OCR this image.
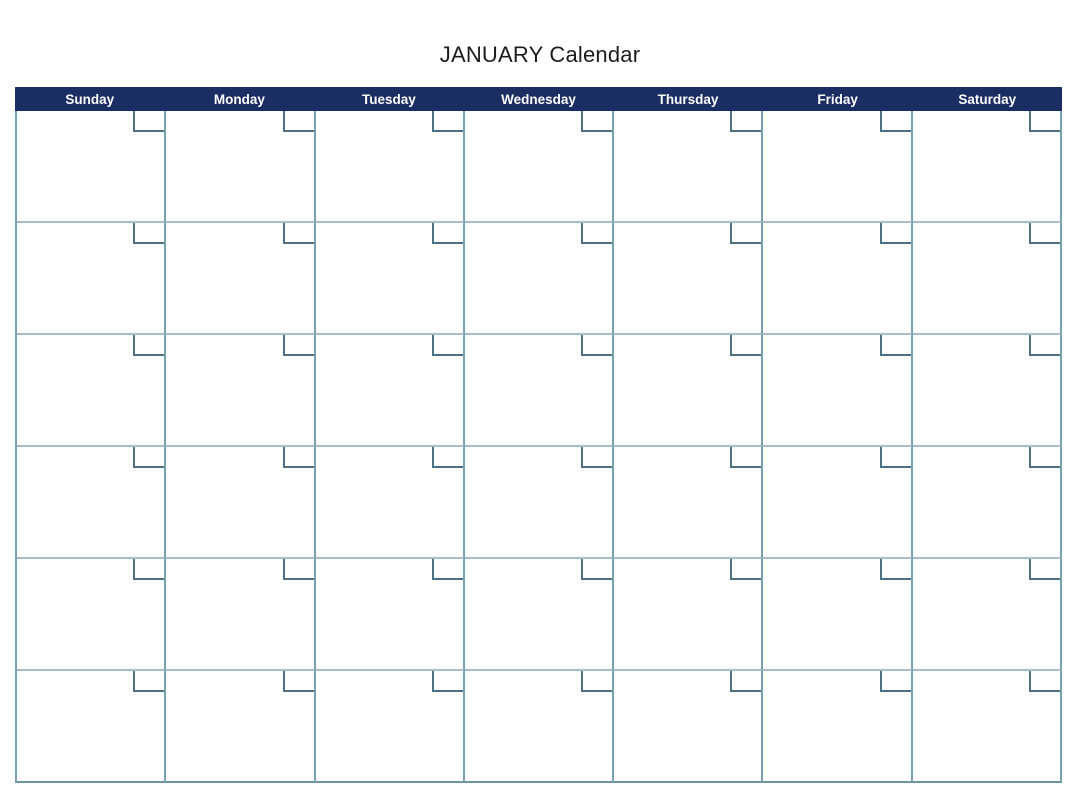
JANUARY Calendar
Sunday	Monday	Tuesday	Wednesday	Thursday	Friday	Saturday
